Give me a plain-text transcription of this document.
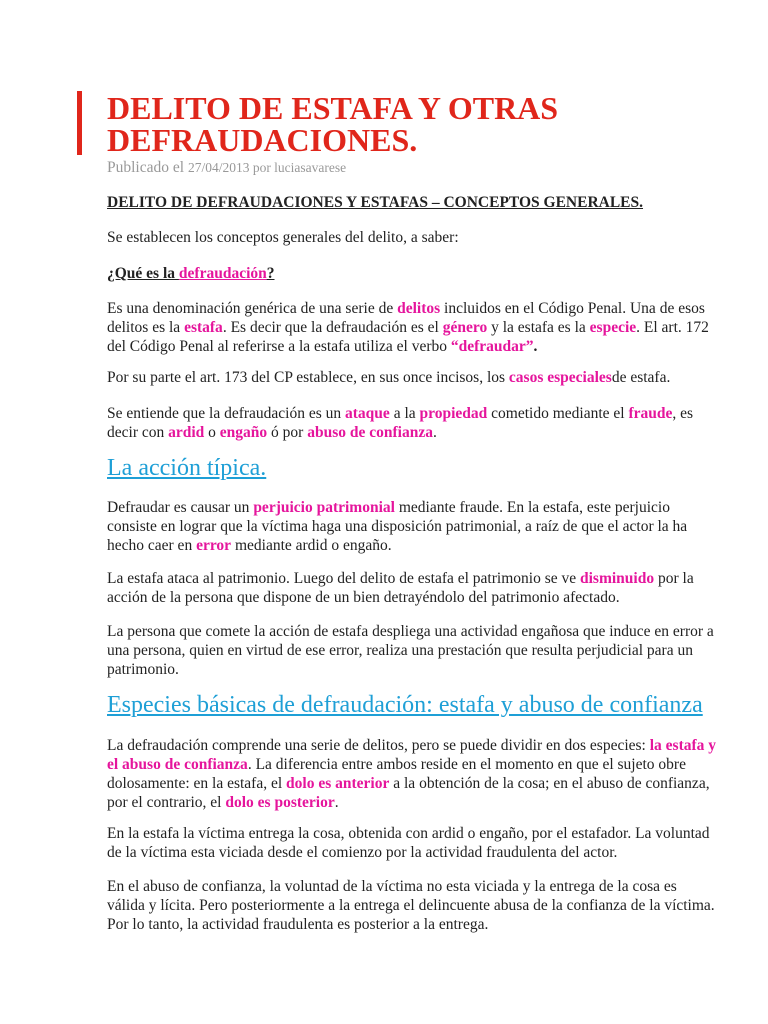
DELITO DE ESTAFA Y OTRAS DEFRAUDACIONES.
Publicado el 27/04/2013 por luciasavarese

DELITO DE DEFRAUDACIONES Y ESTAFAS – CONCEPTOS GENERALES.

Se establecen los conceptos generales del delito, a saber:

¿Qué es la defraudación?

Es una denominación genérica de una serie de delitos incluidos en el Código Penal. Una de esos delitos es la estafa. Es decir que la defraudación es el género y la estafa es la especie. El art. 172 del Código Penal al referirse a la estafa utiliza el verbo “defraudar”.

Por su parte el art. 173 del CP establece, en sus once incisos, los casos especialesde estafa.

Se entiende que la defraudación es un ataque a la propiedad cometido mediante el fraude, es decir con ardid o engaño ó por abuso de confianza.

La acción típica.

Defraudar es causar un perjuicio patrimonial mediante fraude. En la estafa, este perjuicio consiste en lograr que la víctima haga una disposición patrimonial, a raíz de que el actor la ha hecho caer en error mediante ardid o engaño.

La estafa ataca al patrimonio. Luego del delito de estafa el patrimonio se ve disminuido por la acción de la persona que dispone de un bien detrayéndolo del patrimonio afectado.

La persona que comete la acción de estafa despliega una actividad engañosa que induce en error a una persona, quien en virtud de ese error, realiza una prestación que resulta perjudicial para un patrimonio.

Especies básicas de defraudación: estafa y abuso de confianza

La defraudación comprende una serie de delitos, pero se puede dividir en dos especies: la estafa y el abuso de confianza. La diferencia entre ambos reside en el momento en que el sujeto obre dolosamente: en la estafa, el dolo es anterior a la obtención de la cosa; en el abuso de confianza, por el contrario, el dolo es posterior.

En la estafa la víctima entrega la cosa, obtenida con ardid o engaño, por el estafador. La voluntad de la víctima esta viciada desde el comienzo por la actividad fraudulenta del actor.

En el abuso de confianza, la voluntad de la víctima no esta viciada y la entrega de la cosa es válida y lícita. Pero posteriormente a la entrega el delincuente abusa de la confianza de la víctima. Por lo tanto, la actividad fraudulenta es posterior a la entrega.
